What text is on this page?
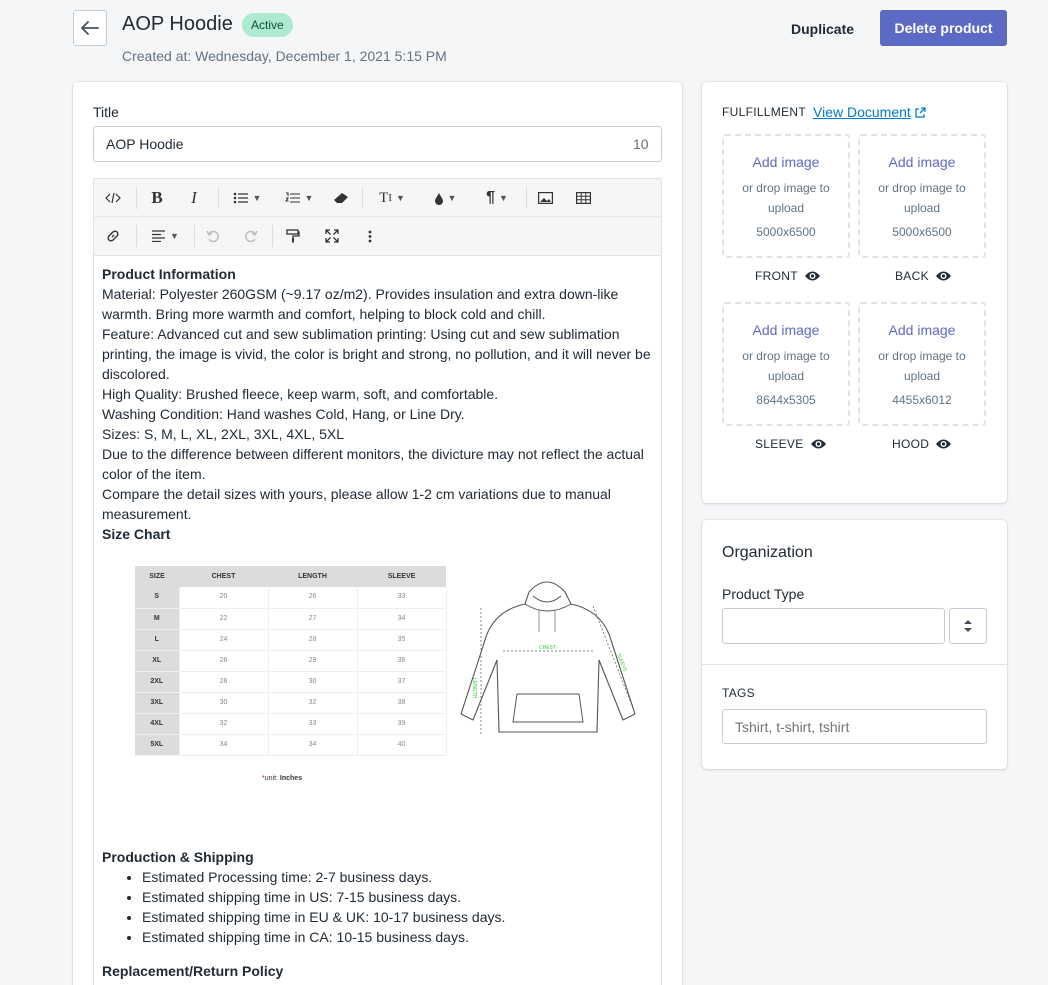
AOP Hoodie	Active
Created at: Wednesday, December 1, 2021 5:15 PM
Duplicate	Delete product
Title
AOP Hoodie	10
B	I	▼	▼	T I ▼	▼	¶ ▼
▼

Product Information

Material: Polyester 260GSM (~9.17 oz/m2). Provides insulation and extra down-like warmth. Bring more warmth and comfort, helping to block cold and chill.

Feature: Advanced cut and sew sublimation printing: Using cut and sew sublimation printing, the image is vivid, the color is bright and strong, no pollution, and it will never be discolored.

High Quality: Brushed fleece, keep warm, soft, and comfortable.

Washing Condition: Hand washes Cold, Hang, or Line Dry.

Sizes: S, M, L, XL, 2XL, 3XL, 4XL, 5XL

Due to the difference between different monitors, the divicture may not reflect the actual color of the item.

Compare the detail sizes with yours, please allow 1-2 cm variations due to manual measurement.

Size Chart

SIZE	CHEST	LENGTH	SLEEVE
S	20	26	33
M	22	27	34
L	24	28	35
XL	26	29	36
2XL	28	30	37
3XL	30	32	38
4XL	32	33	39
5XL	34	34	40
*unit: Inches
CHEST
LENGTH
SLEEVE

Production & Shipping

• Estimated Processing time: 2-7 business days.
• Estimated shipping time in US: 7-15 business days.
• Estimated shipping time in EU & UK: 10-17 business days.
• Estimated shipping time in CA: 10-15 business days.

Replacement/Return Policy

FULFILLMENT View Document
Add image
or drop image to upload
5000x6500
Add image
or drop image to upload
5000x6500
FRONT	BACK
Add image
or drop image to upload
8644x5305
Add image
or drop image to upload
4455x6012
SLEEVE	HOOD
Organization
Product Type
TAGS
Tshirt, t-shirt, tshirt
